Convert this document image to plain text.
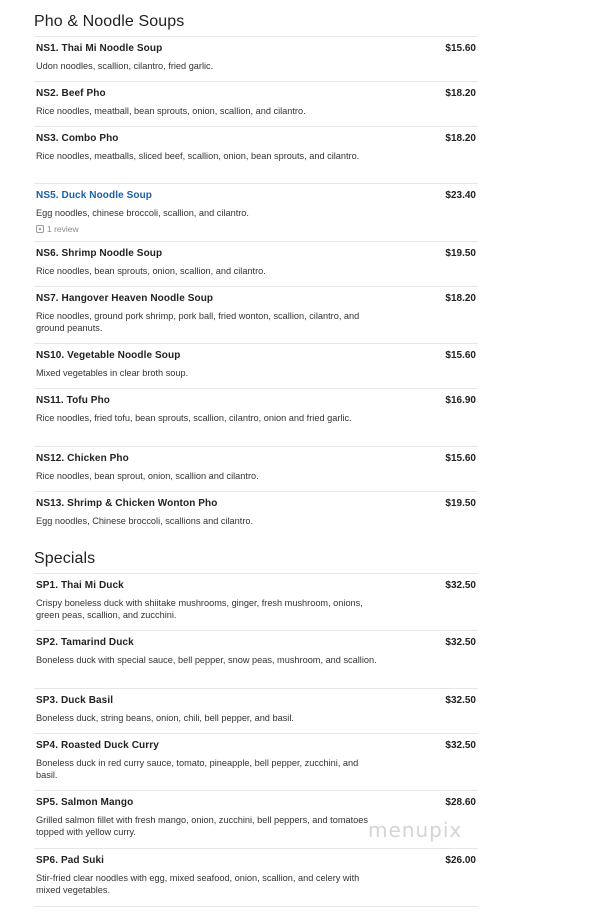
Pho & Noodle Soups
NS1. Thai Mi Noodle Soup	$15.60
Udon noodles, scallion, cilantro, fried garlic.
NS2. Beef Pho	$18.20
Rice noodles, meatball, bean sprouts, onion, scallion, and cilantro.
NS3. Combo Pho	$18.20
Rice noodles, meatballs, sliced beef, scallion, onion, bean sprouts, and cilantro.
NS5. Duck Noodle Soup	$23.40
Egg noodles, chinese broccoli, scallion, and cilantro.
1 review
NS6. Shrimp Noodle Soup	$19.50
Rice noodles, bean sprouts, onion, scallion, and cilantro.
NS7. Hangover Heaven Noodle Soup	$18.20
Rice noodles, ground pork shrimp, pork ball, fried wonton, scallion, cilantro, and ground peanuts.
NS10. Vegetable Noodle Soup	$15.60
Mixed vegetables in clear broth soup.
NS11. Tofu Pho	$16.90
Rice noodles, fried tofu, bean sprouts, scallion, cilantro, onion and fried garlic.
NS12. Chicken Pho	$15.60
Rice noodles, bean sprout, onion, scallion and cilantro.
NS13. Shrimp & Chicken Wonton Pho	$19.50
Egg noodles, Chinese broccoli, scallions and cilantro.
Specials
SP1. Thai Mi Duck	$32.50
Crispy boneless duck with shiitake mushrooms, ginger, fresh mushroom, onions, green peas, scallion, and zucchini.
SP2. Tamarind Duck	$32.50
Boneless duck with special sauce, bell pepper, snow peas, mushroom, and scallion.
SP3. Duck Basil	$32.50
Boneless duck, string beans, onion, chili, bell pepper, and basil.
SP4. Roasted Duck Curry	$32.50
Boneless duck in red curry sauce, tomato, pineapple, bell pepper, zucchini, and basil.
SP5. Salmon Mango	$28.60
Grilled salmon fillet with fresh mango, onion, zucchini, bell peppers, and tomatoes topped with yellow curry.
SP6. Pad Suki	$26.00
Stir-fried clear noodles with egg, mixed seafood, onion, scallion, and celery with mixed vegetables.
menupix
